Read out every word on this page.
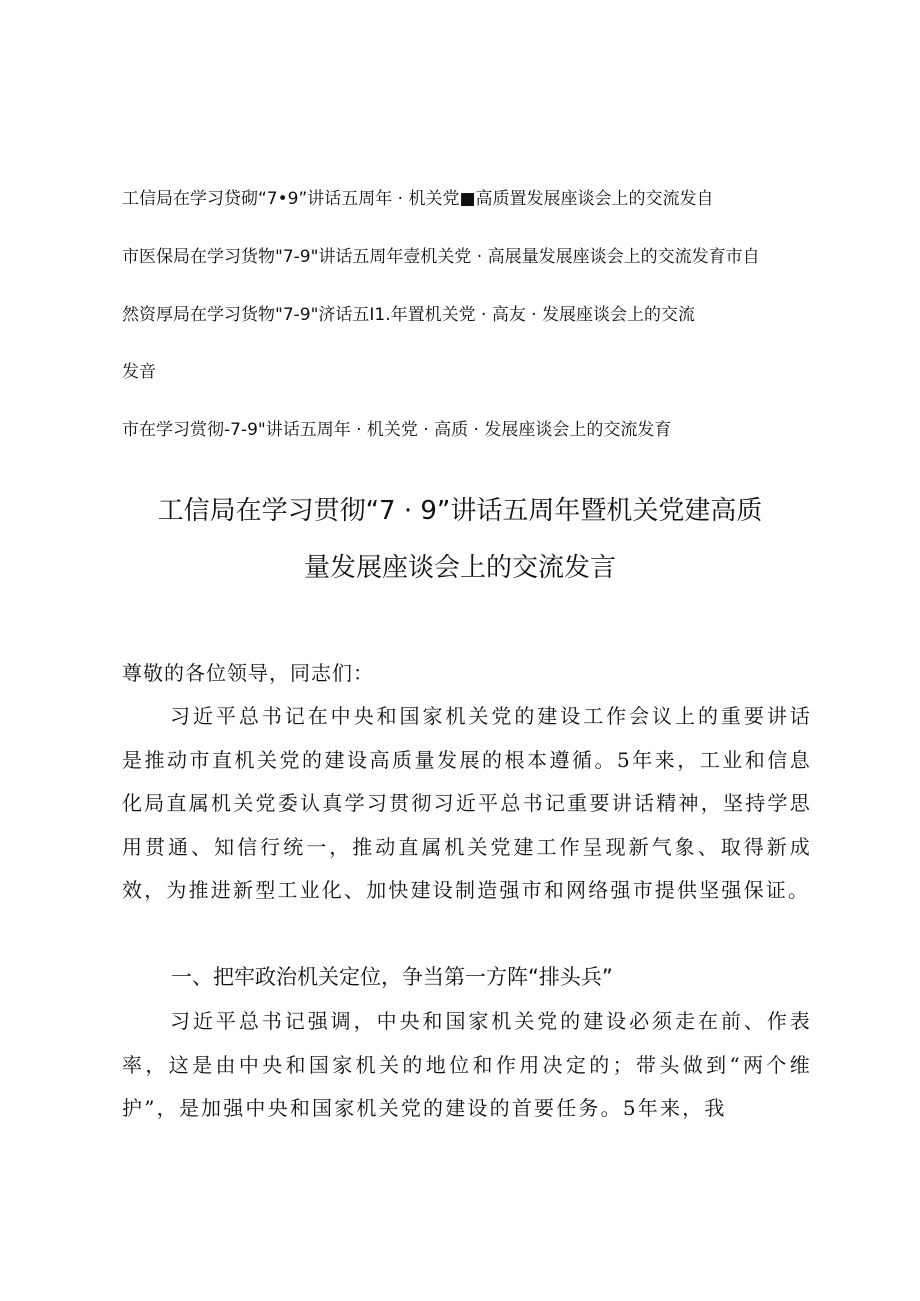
工信局在学习贷砌“7•9”讲话五周年 · 机关党■高质置发展座谈会上的交流发自
市医保局在学习货物"7-9"讲话五周年壹机关党 · 高展量发展座谈会上的交流发育市自
然资厚局在学习货物"7-9"济话五I1.年置机关党 · 高友 · 发展座谈会上的交流
发音
市在学习赏彻-7-9"讲话五周年 · 机关党 · 高质 · 发展座谈会上的交流发育
工信局在学习贯彻“7 · 9”讲话五周年暨机关党建高质
量发展座谈会上的交流发言
尊敬的各位领导，同志们：
习近平总书记在中央和国家机关党的建设工作会议上的重要讲话是推动市直机关党的建设高质量发展的根本遵循。5年来，工业和信息化局直属机关党委认真学习贯彻习近平总书记重要讲话精神，坚持学思用贯通、知信行统一，推动直属机关党建工作呈现新气象、取得新成效，为推进新型工业化、加快建设制造强市和网络强市提供坚强保证。
一、把牢政治机关定位，争当第一方阵“排头兵”
习近平总书记强调，中央和国家机关党的建设必须走在前、作表率，这是由中央和国家机关的地位和作用决定的；带头做到“两个维护”，是加强中央和国家机关党的建设的首要任务。5年来，我
